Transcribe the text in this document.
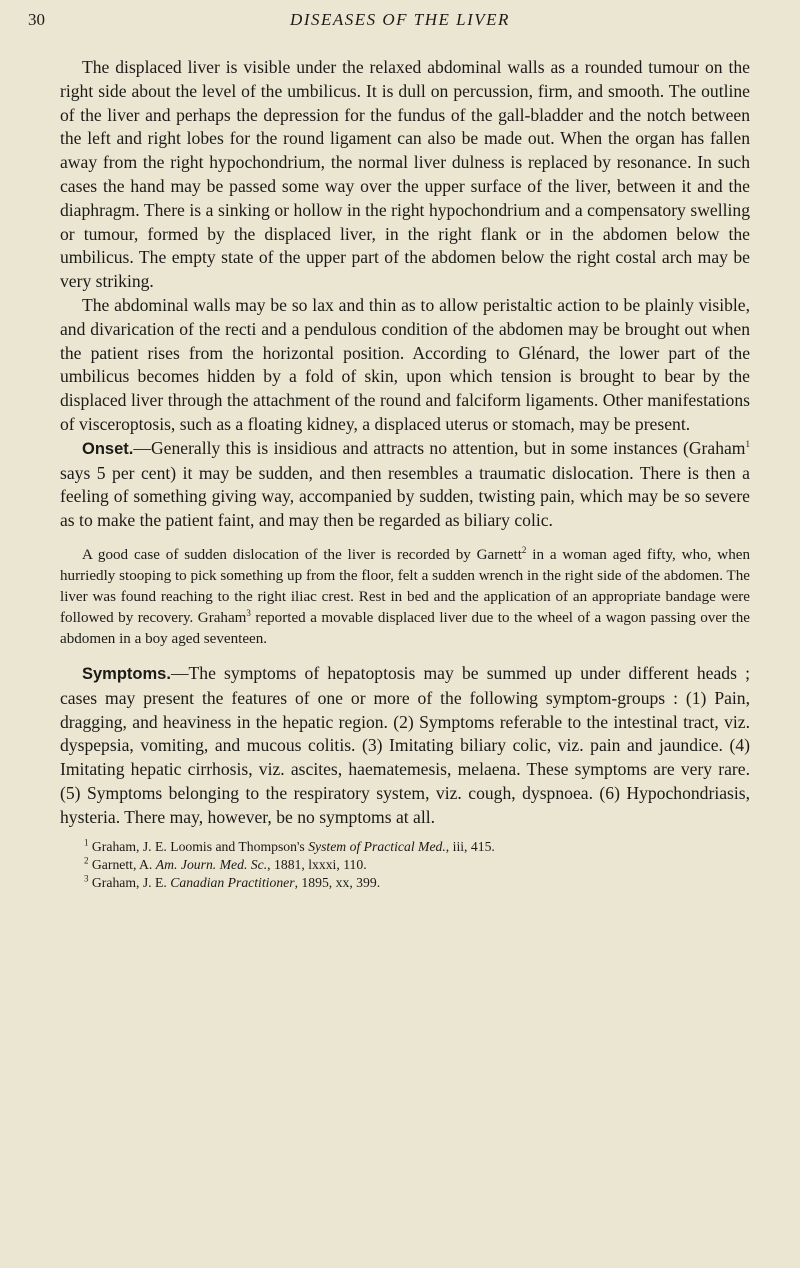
30	DISEASES OF THE LIVER

The displaced liver is visible under the relaxed abdominal walls as a rounded tumour on the right side about the level of the umbilicus. It is dull on percussion, firm, and smooth. The outline of the liver and perhaps the depression for the fundus of the gall-bladder and the notch between the left and right lobes for the round ligament can also be made out. When the organ has fallen away from the right hypochondrium, the normal liver dulness is replaced by resonance. In such cases the hand may be passed some way over the upper surface of the liver, between it and the diaphragm. There is a sinking or hollow in the right hypochondrium and a compensatory swelling or tumour, formed by the displaced liver, in the right flank or in the abdomen below the umbilicus. The empty state of the upper part of the abdomen below the right costal arch may be very striking.

The abdominal walls may be so lax and thin as to allow peristaltic action to be plainly visible, and divarication of the recti and a pendulous condition of the abdomen may be brought out when the patient rises from the horizontal position. According to Glénard, the lower part of the umbilicus becomes hidden by a fold of skin, upon which tension is brought to bear by the displaced liver through the attachment of the round and falciform ligaments. Other manifestations of visceroptosis, such as a floating kidney, a displaced uterus or stomach, may be present.

Onset.—Generally this is insidious and attracts no attention, but in some instances (Graham$^1$ says 5 per cent) it may be sudden, and then resembles a traumatic dislocation. There is then a feeling of something giving way, accompanied by sudden, twisting pain, which may be so severe as to make the patient faint, and may then be regarded as biliary colic.

A good case of sudden dislocation of the liver is recorded by Garnett$^2$ in a woman aged fifty, who, when hurriedly stooping to pick something up from the floor, felt a sudden wrench in the right side of the abdomen. The liver was found reaching to the right iliac crest. Rest in bed and the application of an appropriate bandage were followed by recovery. Graham$^3$ reported a movable displaced liver due to the wheel of a wagon passing over the abdomen in a boy aged seventeen.

Symptoms.—The symptoms of hepatoptosis may be summed up under different heads ; cases may present the features of one or more of the following symptom-groups : (1) Pain, dragging, and heaviness in the hepatic region. (2) Symptoms referable to the intestinal tract, viz. dyspepsia, vomiting, and mucous colitis. (3) Imitating biliary colic, viz. pain and jaundice. (4) Imitating hepatic cirrhosis, viz. ascites, haematemesis, melaena. These symptoms are very rare. (5) Symptoms belonging to the respiratory system, viz. cough, dyspnoea. (6) Hypochondriasis, hysteria. There may, however, be no symptoms at all.

$^1$ Graham, J. E. Loomis and Thompson's System of Practical Med., iii, 415.
$^2$ Garnett, A. Am. Journ. Med. Sc., 1881, lxxxi, 110.
$^3$ Graham, J. E. Canadian Practitioner, 1895, xx, 399.
